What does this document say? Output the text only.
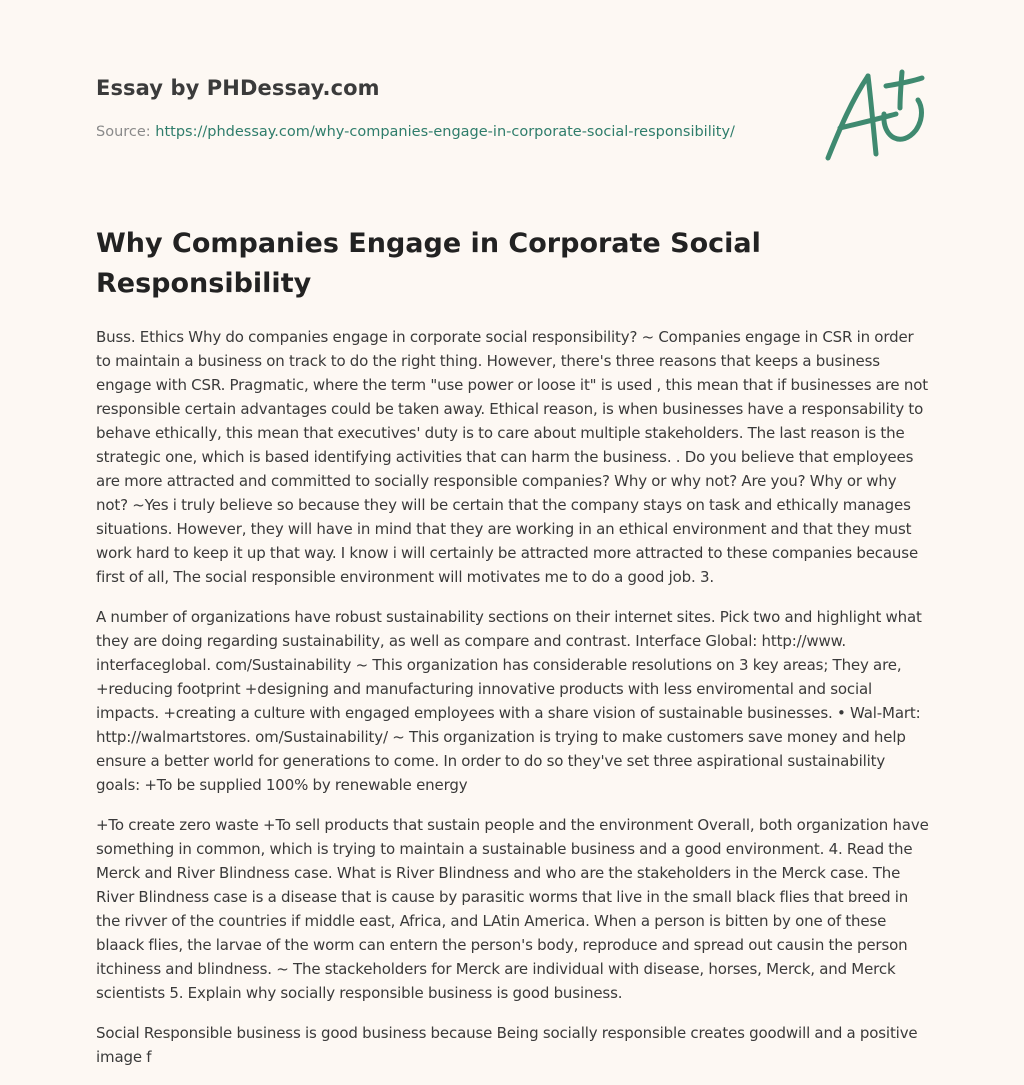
Essay by PHDessay.com
Source: https://phdessay.com/why-companies-engage-in-corporate-social-responsibility/
Why Companies Engage in Corporate Social Responsibility

Buss. Ethics Why do companies engage in corporate social responsibility? ~ Companies engage in CSR in order to maintain a business on track to do the right thing. However, there's three reasons that keeps a business engage with CSR. Pragmatic, where the term "use power or loose it" is used , this mean that if businesses are not responsible certain advantages could be taken away. Ethical reason, is when businesses have a responsability to behave ethically, this mean that executives' duty is to care about multiple stakeholders. The last reason is the strategic one, which is based identifying activities that can harm the business. . Do you believe that employees are more attracted and committed to socially responsible companies? Why or why not? Are you? Why or why not? ~Yes i truly believe so because they will be certain that the company stays on task and ethically manages situations. However, they will have in mind that they are working in an ethical environment and that they must work hard to keep it up that way. I know i will certainly be attracted more attracted to these companies because first of all, The social responsible environment will motivates me to do a good job. 3.

A number of organizations have robust sustainability sections on their internet sites. Pick two and highlight what they are doing regarding sustainability, as well as compare and contrast. Interface Global: http://www. interfaceglobal. com/Sustainability ~ This organization has considerable resolutions on 3 key areas; They are, +reducing footprint +designing and manufacturing innovative products with less enviromental and social impacts. +creating a culture with engaged employees with a share vision of sustainable businesses. • Wal-Mart: http://walmartstores. om/Sustainability/ ~ This organization is trying to make customers save money and help ensure a better world for generations to come. In order to do so they've set three aspirational sustainability goals: +To be supplied 100% by renewable energy

+To create zero waste +To sell products that sustain people and the environment Overall, both organization have something in common, which is trying to maintain a sustainable business and a good environment. 4. Read the Merck and River Blindness case. What is River Blindness and who are the stakeholders in the Merck case. The River Blindness case is a disease that is cause by parasitic worms that live in the small black flies that breed in the rivver of the countries if middle east, Africa, and LAtin America. When a person is bitten by one of these blaack flies, the larvae of the worm can entern the person's body, reproduce and spread out causin the person itchiness and blindness. ~ The stackeholders for Merck are individual with disease, horses, Merck, and Merck scientists 5. Explain why socially responsible business is good business.

Social Responsible business is good business because Being socially responsible creates goodwill and a positive image f
